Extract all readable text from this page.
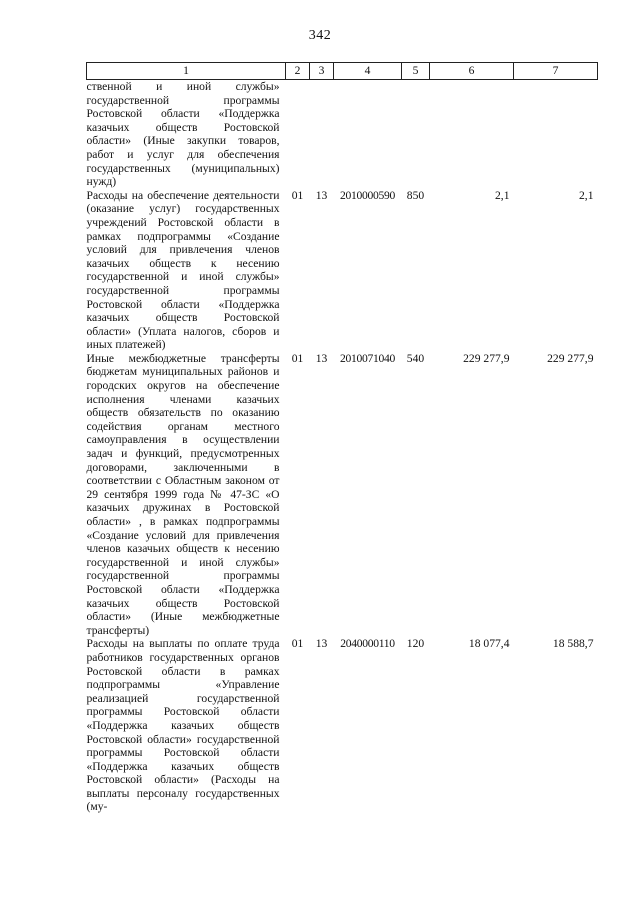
342
1	2	3	4	5	6	7
ственной и иной службы» государственной программы Ростовской области «Поддержка казачьих обществ Ростовской области» (Иные закупки товаров, работ и услуг для обеспечения государственных (муниципальных) нужд)						
Расходы на обеспечение деятельности (оказание услуг) государственных учреждений Ростовской области в рамках подпрограммы «Создание условий для привлечения членов казачьих обществ к несению государственной и иной службы» государственной программы Ростовской области «Поддержка казачьих обществ Ростовской области» (Уплата налогов, сборов и иных платежей)	01	13	2010000590	850	2,1	2,1
Иные межбюджетные трансферты бюджетам муниципальных районов и городских округов на обеспечение исполнения членами казачьих обществ обязательств по оказанию содействия органам местного самоуправления в осуществлении задач и функций, предусмотренных договорами, заключенными в соответствии с Областным законом от 29 сентября 1999 года № 47-ЗС «О казачьих дружинах в Ростовской области» , в рамках подпрограммы «Создание условий для привлечения членов казачьих обществ к несению государственной и иной службы» государственной программы Ростовской области «Поддержка казачьих обществ Ростовской области» (Иные межбюджетные трансферты)	01	13	2010071040	540	229 277,9	229 277,9
Расходы на выплаты по оплате труда работников государственных органов Ростовской области в рамках подпрограммы «Управление реализацией государственной программы Ростовской области «Поддержка казачьих обществ Ростовской области» государственной программы Ростовской области «Поддержка казачьих обществ Ростовской области» (Расходы на выплаты персоналу государственных (му-	01	13	2040000110	120	18 077,4	18 588,7
